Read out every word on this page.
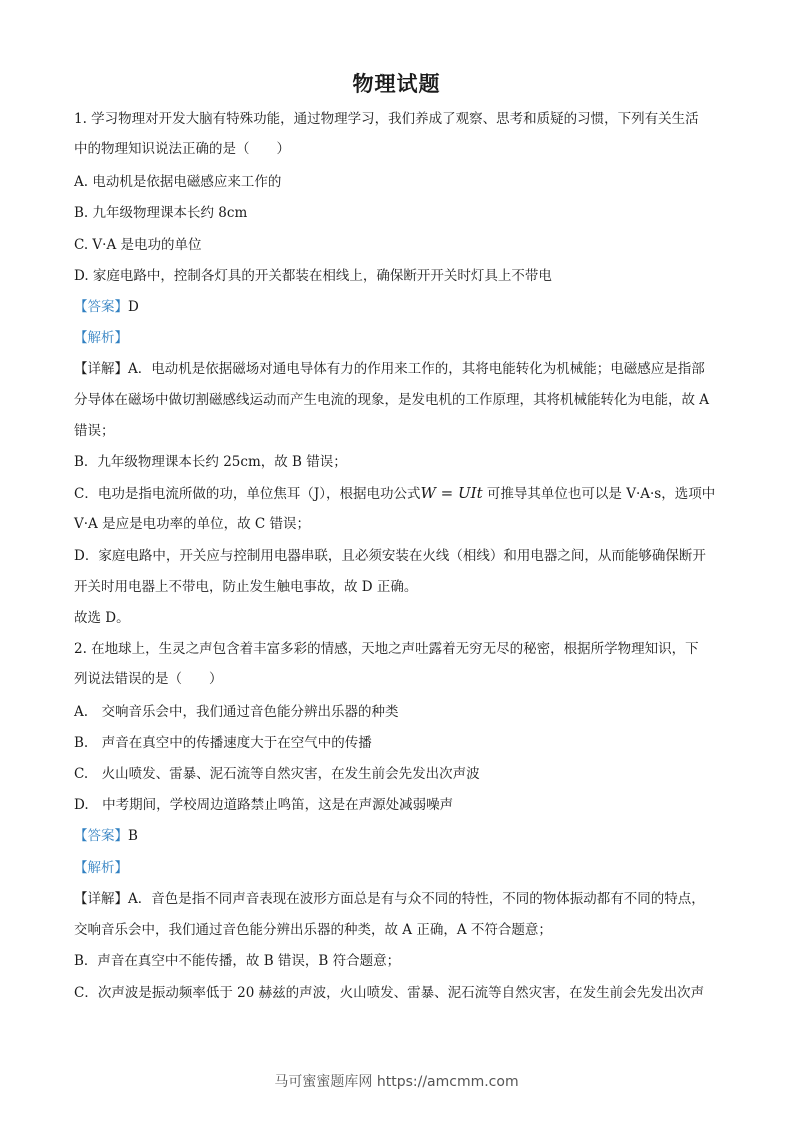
物理试题
1. 学习物理对开发大脑有特殊功能，通过物理学习，我们养成了观察、思考和质疑的习惯，下列有关生活
中的物理知识说法正确的是（　　）
A. 电动机是依据电磁感应来工作的
B. 九年级物理课本长约 8cm
C. V·A 是电功的单位
D. 家庭电路中，控制各灯具的开关都装在相线上，确保断开开关时灯具上不带电
【答案】D
【解析】
【详解】A．电动机是依据磁场对通电导体有力的作用来工作的，其将电能转化为机械能；电磁感应是指部
分导体在磁场中做切割磁感线运动而产生电流的现象，是发电机的工作原理，其将机械能转化为电能，故 A
错误；
B．九年级物理课本长约 25cm，故 B 错误；
C．电功是指电流所做的功，单位焦耳（J），根据电功公式W = UIt 可推导其单位也可以是 V·A·s，选项中
V·A 是应是电功率的单位，故 C 错误；
D．家庭电路中，开关应与控制用电器串联，且必须安装在火线（相线）和用电器之间，从而能够确保断开
开关时用电器上不带电，防止发生触电事故，故 D 正确。
故选 D。
2. 在地球上，生灵之声包含着丰富多彩的情感，天地之声吐露着无穷无尽的秘密，根据所学物理知识，下
列说法错误的是（　　）
A.　交响音乐会中，我们通过音色能分辨出乐器的种类
B.　声音在真空中的传播速度大于在空气中的传播
C.　火山喷发、雷暴、泥石流等自然灾害，在发生前会先发出次声波
D.　中考期间，学校周边道路禁止鸣笛，这是在声源处减弱噪声
【答案】B
【解析】
【详解】A．音色是指不同声音表现在波形方面总是有与众不同的特性，不同的物体振动都有不同的特点，
交响音乐会中，我们通过音色能分辨出乐器的种类，故 A 正确，A 不符合题意；
B．声音在真空中不能传播，故 B 错误，B 符合题意；
C．次声波是振动频率低于 20 赫兹的声波，火山喷发、雷暴、泥石流等自然灾害，在发生前会先发出次声
马可蜜蜜题库网 https://amcmm.com
